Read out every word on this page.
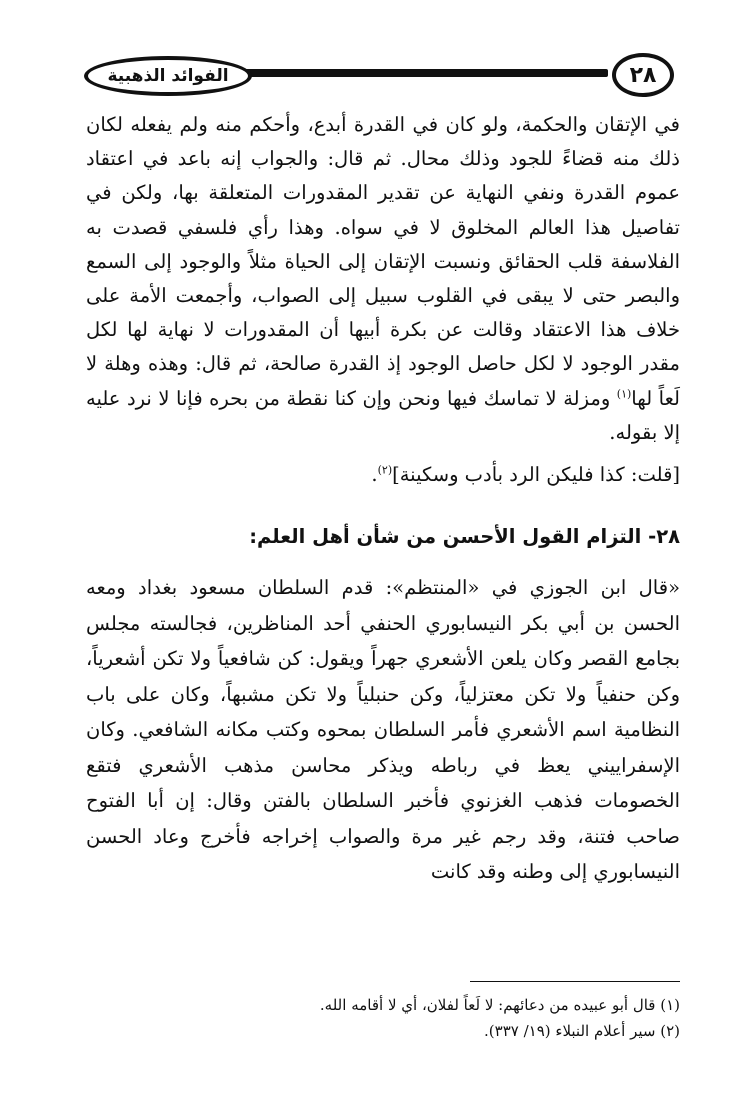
الفوائد الذهبية	٢٨

في الإتقان والحكمة، ولو كان في القدرة أبدع، وأحكم منه ولم يفعله لكان ذلك منه قضاءً للجود وذلك محال. ثم قال: والجواب إنه باعد في اعتقاد عموم القدرة ونفي النهاية عن تقدير المقدورات المتعلقة بها، ولكن في تفاصيل هذا العالم المخلوق لا في سواه. وهذا رأي فلسفي قصدت به الفلاسفة قلب الحقائق ونسبت الإتقان إلى الحياة مثلاً والوجود إلى السمع والبصر حتى لا يبقى في القلوب سبيل إلى الصواب، وأجمعت الأمة على خلاف هذا الاعتقاد وقالت عن بكرة أبيها أن المقدورات لا نهاية لها لكل مقدر الوجود لا لكل حاصل الوجود إذ القدرة صالحة، ثم قال: وهذه وهلة لا لَعاً لها$^{(١)}$ ومزلة لا تماسك فيها ونحن وإن كنا نقطة من بحره فإنا لا نرد عليه إلا بقوله.

[قلت: كذا فليكن الرد بأدب وسكينة]$^{(٢)}$.

٢٨- التزام القول الأحسن من شأن أهل العلم:

«قال ابن الجوزي في «المنتظم»: قدم السلطان مسعود بغداد ومعه الحسن بن أبي بكر النيسابوري الحنفي أحد المناظرين، فجالسته مجلس بجامع القصر وكان يلعن الأشعري جهراً ويقول: كن شافعياً ولا تكن أشعرياً، وكن حنفياً ولا تكن معتزلياً، وكن حنبلياً ولا تكن مشبهاً، وكان على باب النظامية اسم الأشعري فأمر السلطان بمحوه وكتب مكانه الشافعي. وكان الإسفراييني يعظ في رباطه ويذكر محاسن مذهب الأشعري فتقع الخصومات فذهب الغزنوي فأخبر السلطان بالفتن وقال: إن أبا الفتوح صاحب فتنة، وقد رجم غير مرة والصواب إخراجه فأخرج وعاد الحسن النيسابوري إلى وطنه وقد كانت

(١) قال أبو عبيده من دعائهم: لا لَعاً لفلان، أي لا أقامه الله.
(٢) سير أعلام النبلاء (١٩/ ٣٣٧).
